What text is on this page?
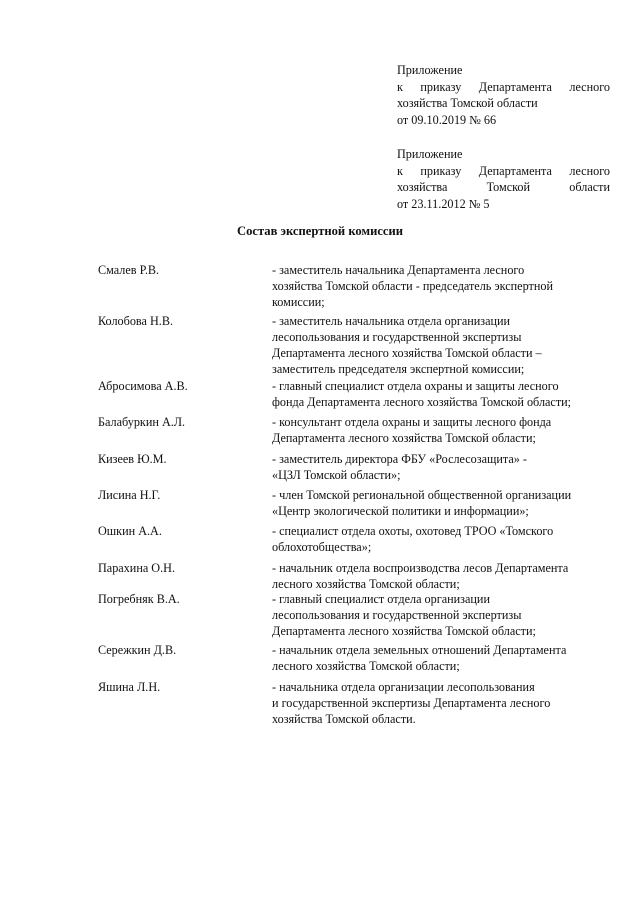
Приложение
к приказу Департамента лесного
хозяйства Томской области
от 09.10.2019 № 66
Приложение
к приказу Департамента лесного
хозяйства Томской области
от 23.11.2012 № 5
Состав экспертной комиссии
Смалев Р.В.	- заместитель начальника Департамента лесного
хозяйства Томской области - председатель экспертной
комиссии;
Колобова Н.В.	- заместитель начальника отдела организации
лесопользования и государственной экспертизы
Департамента лесного хозяйства Томской области –
заместитель председателя экспертной комиссии;
Абросимова А.В.	- главный специалист отдела охраны и защиты лесного
фонда Департамента лесного хозяйства Томской области;
Балабуркин А.Л.	- консультант отдела охраны и защиты лесного фонда
Департамента лесного хозяйства Томской области;
Кизеев Ю.М.	- заместитель директора ФБУ «Рослесозащита» -
«ЦЗЛ Томской области»;
Лисина Н.Г.	- член Томской региональной общественной организации
«Центр экологической политики и информации»;
Ошкин А.А.	- специалист отдела охоты, охотовед ТРОО «Томского
облохотобщества»;
Парахина О.Н.	- начальник отдела воспроизводства лесов Департамента
лесного хозяйства Томской области;
Погребняк В.А.	- главный специалист отдела организации
лесопользования и государственной экспертизы
Департамента лесного хозяйства Томской области;
Сережкин Д.В.	- начальник отдела земельных отношений Департамента
лесного хозяйства Томской области;
Яшина Л.Н.	- начальника отдела организации лесопользования
и государственной экспертизы Департамента лесного
хозяйства Томской области.
